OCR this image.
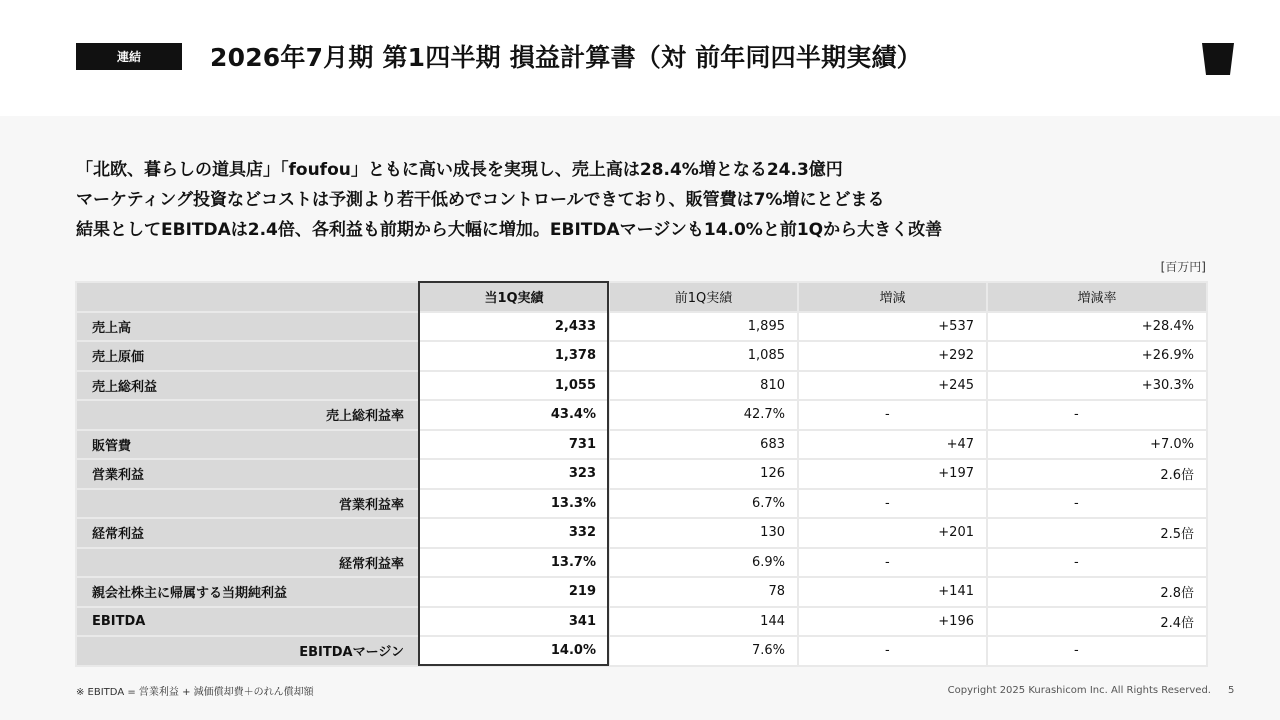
連結	2026年7月期 第1四半期 損益計算書（対 前年同四半期実績）

「北欧、暮らしの道具店」「foufou」ともに高い成長を実現し、売上高は28.4%増となる24.3億円

マーケティング投資などコストは予測より若干低めでコントロールできており、販管費は7%増にとどまる

結果としてEBITDAは2.4倍、各利益も前期から大幅に増加。EBITDAマージンも14.0%と前1Qから大きく改善

[百万円]
	当1Q実績	前1Q実績	増減	増減率
売上高	2,433	1,895	+537	+28.4%
売上原価	1,378	1,085	+292	+26.9%
売上総利益	1,055	810	+245	+30.3%
売上総利益率	43.4%	42.7%	-	-
販管費	731	683	+47	+7.0%
営業利益	323	126	+197	2.6倍
営業利益率	13.3%	6.7%	-	-
経常利益	332	130	+201	2.5倍
経常利益率	13.7%	6.9%	-	-
親会社株主に帰属する当期純利益	219	78	+141	2.8倍
EBITDA	341	144	+196	2.4倍
EBITDAマージン	14.0%	7.6%	-	-
※ EBITDA = 営業利益 + 減価償却費＋のれん償却額	Copyright 2025 Kurashicom Inc. All Rights Reserved. 5
